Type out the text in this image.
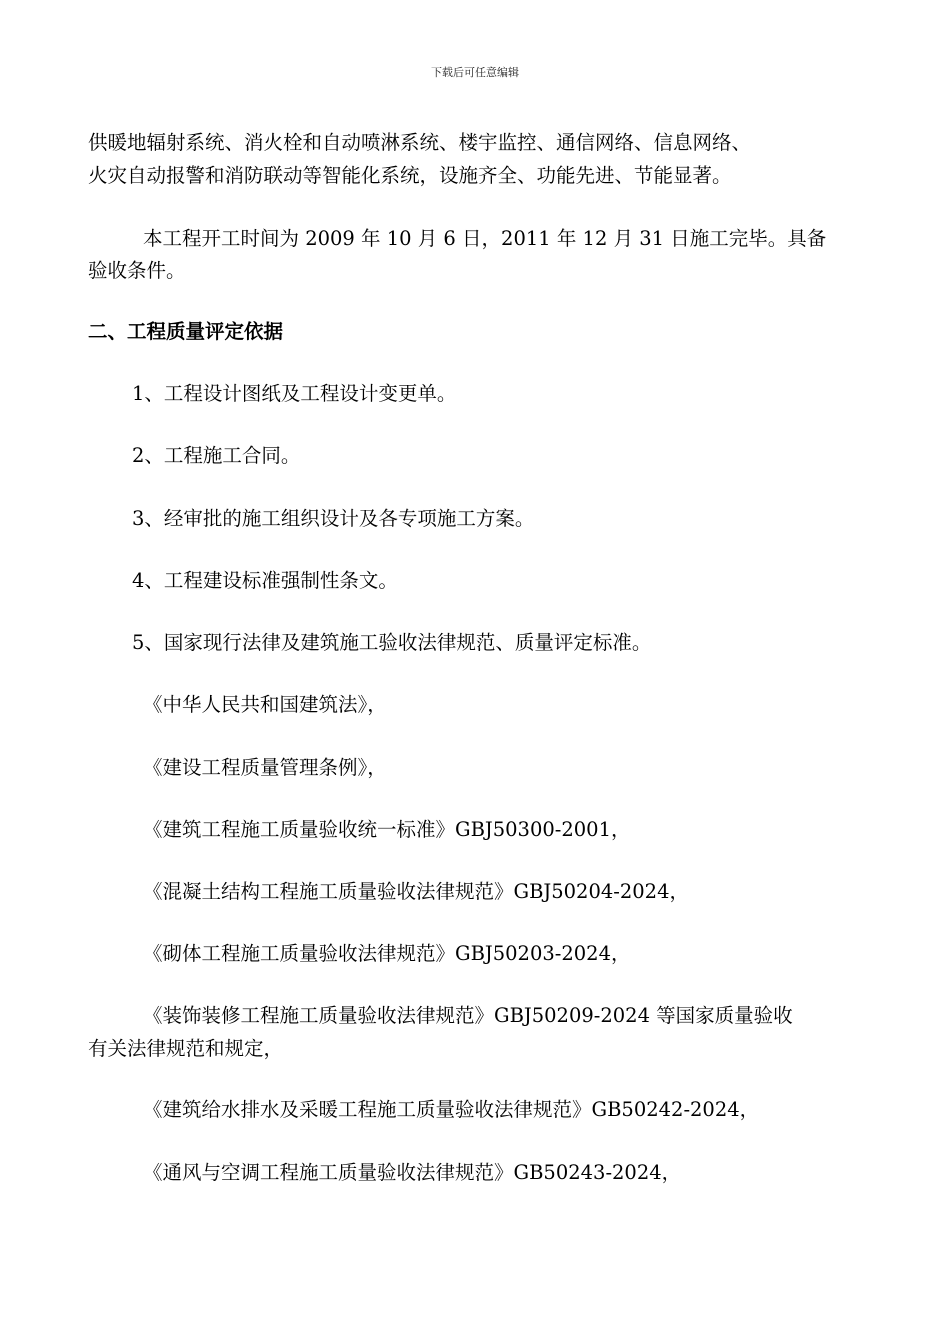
下载后可任意编辑
供暖地辐射系统、消火栓和自动喷淋系统、楼宇监控、通信网络、信息网络、
火灾自动报警和消防联动等智能化系统，设施齐全、功能先进、节能显著。
本工程开工时间为 2009 年 10 月 6 日，2011 年 12 月 31 日施工完毕。具备
验收条件。
二、工程质量评定依据
1、工程设计图纸及工程设计变更单。
2、工程施工合同。
3、经审批的施工组织设计及各专项施工方案。
4、工程建设标准强制性条文。
5、国家现行法律及建筑施工验收法律规范、质量评定标准。
《中华人民共和国建筑法》，
《建设工程质量管理条例》，
《建筑工程施工质量验收统一标准》GBJ50300-2001，
《混凝土结构工程施工质量验收法律规范》GBJ50204-2024，
《砌体工程施工质量验收法律规范》GBJ50203-2024，
《装饰装修工程施工质量验收法律规范》GBJ50209-2024 等国家质量验收
有关法律规范和规定，
《建筑给水排水及采暖工程施工质量验收法律规范》GB50242-2024，
《通风与空调工程施工质量验收法律规范》GB50243-2024，
